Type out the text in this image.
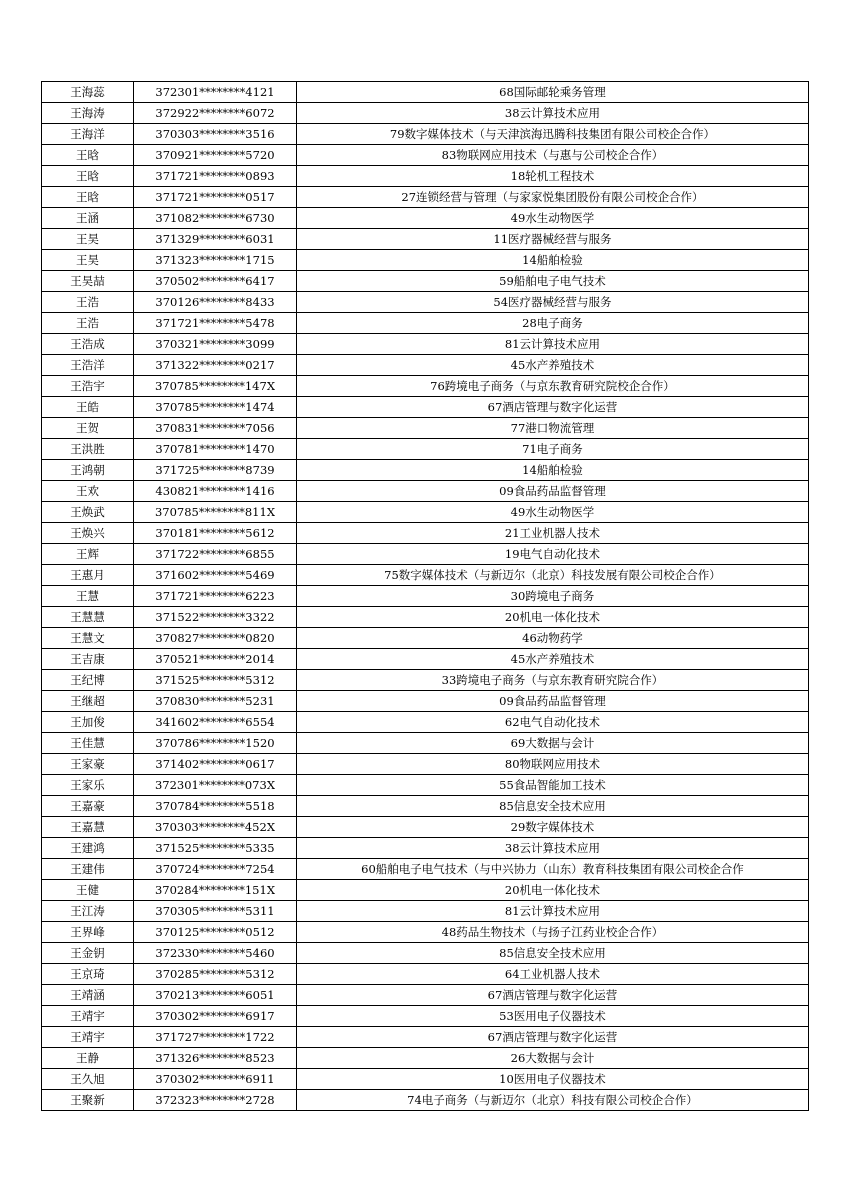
王海蕊	372301********4121	68国际邮轮乘务管理
王海涛	372922********6072	38云计算技术应用
王海洋	370303********3516	79数字媒体技术（与天津滨海迅腾科技集团有限公司校企合作）
王晗	370921********5720	83物联网应用技术（与惠与公司校企合作）
王晗	371721********0893	18轮机工程技术
王晗	371721********0517	27连锁经营与管理（与家家悦集团股份有限公司校企合作）
王涵	371082********6730	49水生动物医学
王昊	371329********6031	11医疗器械经营与服务
王昊	371323********1715	14船舶检验
王昊喆	370502********6417	59船舶电子电气技术
王浩	370126********8433	54医疗器械经营与服务
王浩	371721********5478	28电子商务
王浩成	370321********3099	81云计算技术应用
王浩洋	371322********0217	45水产养殖技术
王浩宇	370785********147X	76跨境电子商务（与京东教育研究院校企合作）
王皓	370785********1474	67酒店管理与数字化运营
王贺	370831********7056	77港口物流管理
王洪胜	370781********1470	71电子商务
王鸿朝	371725********8739	14船舶检验
王欢	430821********1416	09食品药品监督管理
王焕武	370785********811X	49水生动物医学
王焕兴	370181********5612	21工业机器人技术
王辉	371722********6855	19电气自动化技术
王惠月	371602********5469	75数字媒体技术（与新迈尔（北京）科技发展有限公司校企合作）
王慧	371721********6223	30跨境电子商务
王慧慧	371522********3322	20机电一体化技术
王慧文	370827********0820	46动物药学
王吉康	370521********2014	45水产养殖技术
王纪博	371525********5312	33跨境电子商务（与京东教育研究院合作）
王继超	370830********5231	09食品药品监督管理
王加俊	341602********6554	62电气自动化技术
王佳慧	370786********1520	69大数据与会计
王家豪	371402********0617	80物联网应用技术
王家乐	372301********073X	55食品智能加工技术
王嘉豪	370784********5518	85信息安全技术应用
王嘉慧	370303********452X	29数字媒体技术
王建鸿	371525********5335	38云计算技术应用
王建伟	370724********7254	60船舶电子电气技术（与中兴协力（山东）教育科技集团有限公司校企合作
王健	370284********151X	20机电一体化技术
王江涛	370305********5311	81云计算技术应用
王界峰	370125********0512	48药品生物技术（与扬子江药业校企合作）
王金钥	372330********5460	85信息安全技术应用
王京琦	370285********5312	64工业机器人技术
王靖涵	370213********6051	67酒店管理与数字化运营
王靖宇	370302********6917	53医用电子仪器技术
王靖宇	371727********1722	67酒店管理与数字化运营
王静	371326********8523	26大数据与会计
王久旭	370302********6911	10医用电子仪器技术
王聚新	372323********2728	74电子商务（与新迈尔（北京）科技有限公司校企合作）
